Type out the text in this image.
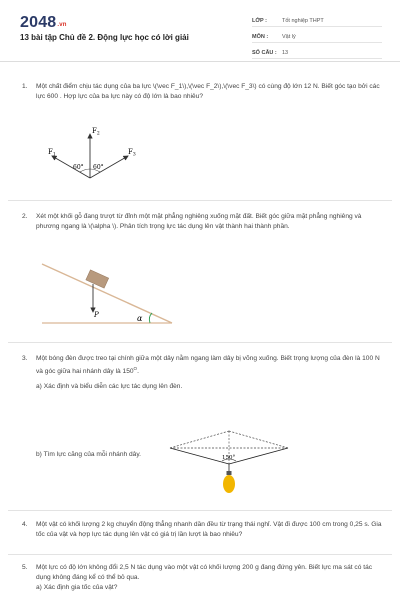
2048.vn
13 bài tập Chủ đề 2. Động lực học có lời giải
LỚP :	Tốt nghiệp THPT
MÔN :	Vật lý
SỐ CÂU : 13
1. Một chất điểm chịu tác dụng của ba lực \(\vec F_1\),\(\vec F_2\),\(\vec F_3\) có cùng độ lớn 12 N. Biết góc tạo bởi các lực 600 . Hợp lực của ba lực này có độ lớn là bao nhiêu?
$F_1$
$F_2$
$F_3$
60° 60°
2. Xét một khối gỗ đang trượt từ đỉnh một mặt phẳng nghiêng xuống mặt đất. Biết góc giữa mặt phẳng nghiêng và phương ngang là \(\alpha \). Phân tích trọng lực tác dụng lên vật thành hai thành phần.
P	α
3. Một bóng đèn được treo tại chính giữa một dây nằm ngang làm dây bị võng xuống. Biết trọng lượng của đèn là 100 N và góc giữa hai nhánh dây là $150^O$.
a) Xác định và biểu diễn các lực tác dụng lên đèn.
b) Tìm lực căng của mỗi nhánh dây.	150°
4. Một vật có khối lượng 2 kg chuyển động thẳng nhanh dần đều từ trạng thái nghỉ. Vật đi được 100 cm trong 0,25 s. Gia tốc của vật và hợp lực tác dụng lên vật có giá trị lần lượt là bao nhiêu?
5. Một lực có độ lớn không đổi 2,5 N tác dụng vào một vật có khối lượng 200 g đang đứng yên. Biết lực ma sát có tác dụng không đáng kể có thể bỏ qua.
a) Xác định gia tốc của vật?
